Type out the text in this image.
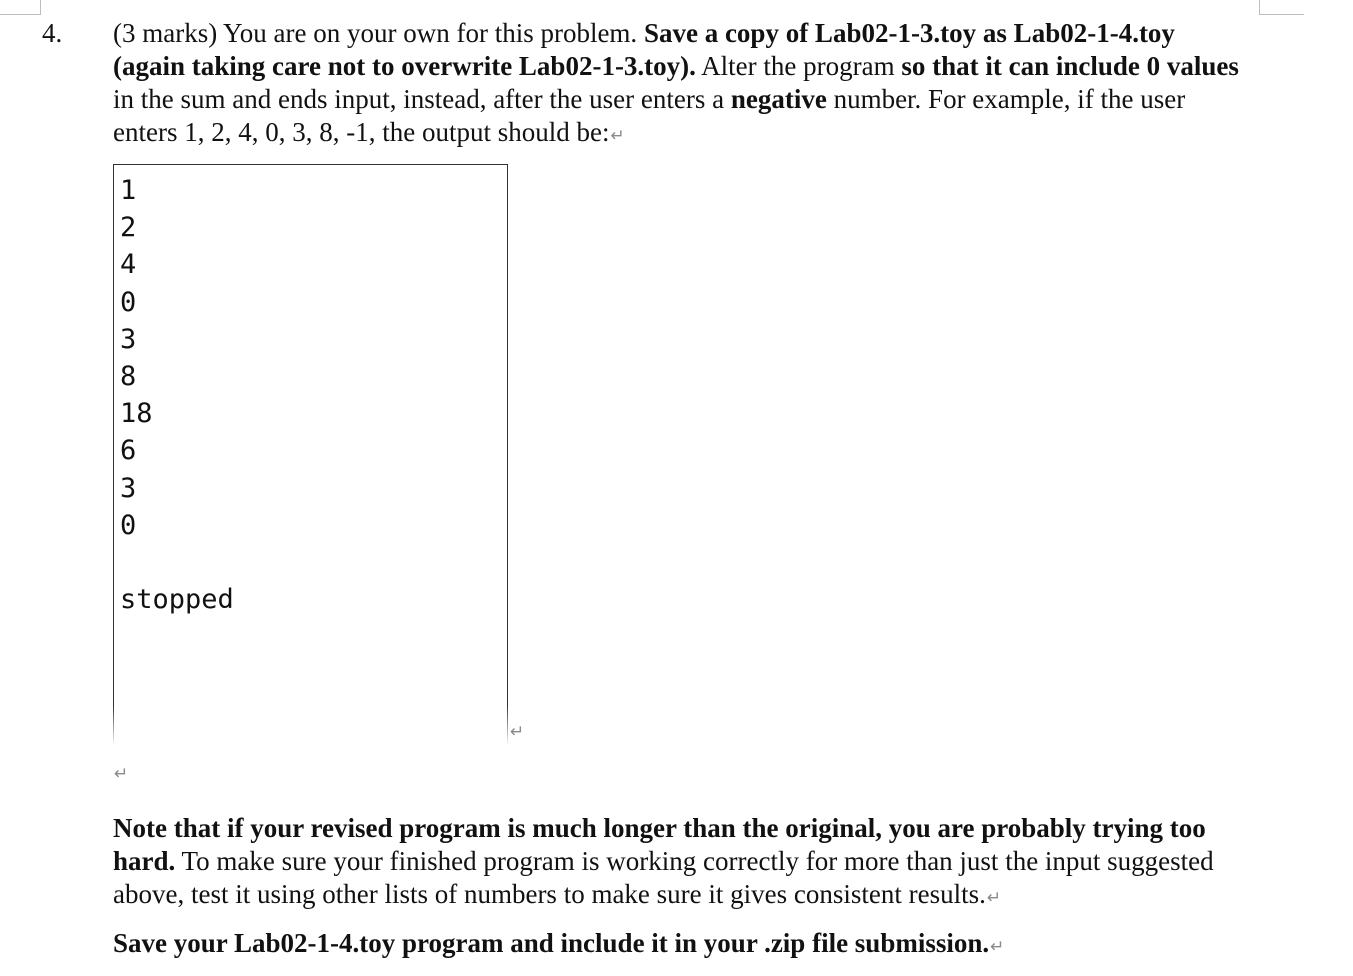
4. (3 marks) You are on your own for this problem. Save a copy of Lab02-1-3.toy as Lab02-1-4.toy (again taking care not to overwrite Lab02-1-3.toy). Alter the program so that it can include 0 values in the sum and ends input, instead, after the user enters a negative number. For example, if the user enters 1, 2, 4, 0, 3, 8, -1, the output should be:↵
1
2
4
0
3
8
18
6
3
0
stopped
↵
↵
Note that if your revised program is much longer than the original, you are probably trying too hard. To make sure your finished program is working correctly for more than just the input suggested above, test it using other lists of numbers to make sure it gives consistent results.↵
Save your Lab02-1-4.toy program and include it in your .zip file submission.↵
